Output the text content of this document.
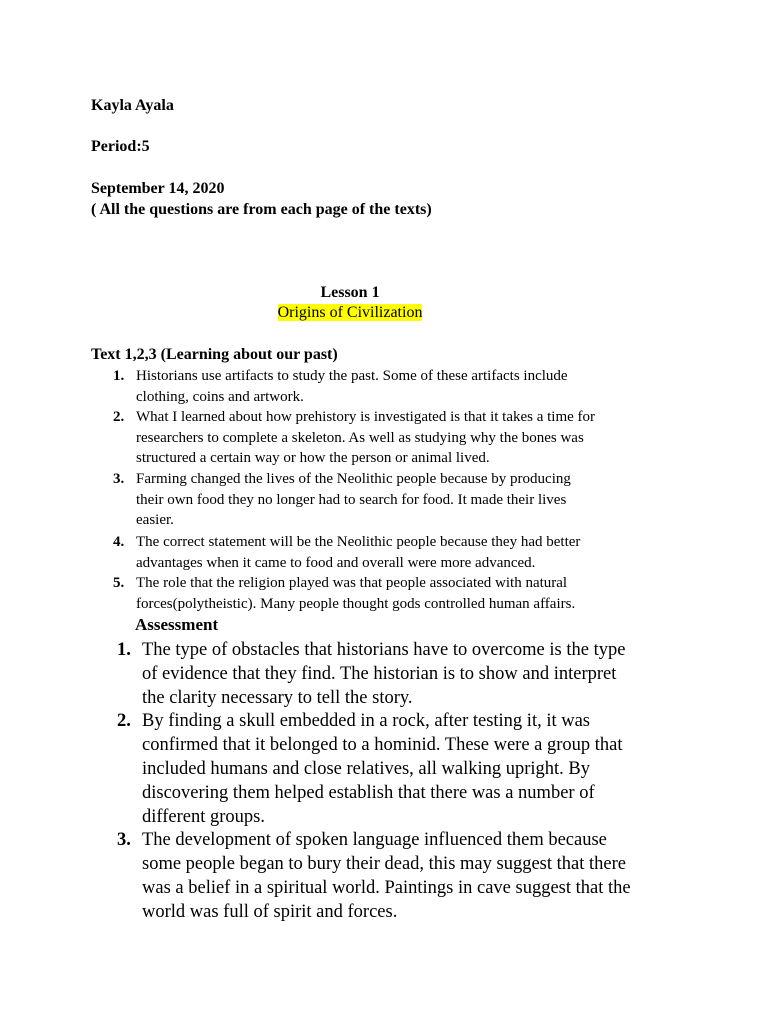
Kayla Ayala
Period:5
September 14, 2020
( All the questions are from each page of the texts)
Lesson 1
Origins of Civilization
Text 1,2,3 (Learning about our past)
1. Historians use artifacts to study the past. Some of these artifacts include
clothing, coins and artwork.
2. What I learned about how prehistory is investigated is that it takes a time for
researchers to complete a skeleton. As well as studying why the bones was
structured a certain way or how the person or animal lived.
3. Farming changed the lives of the Neolithic people because by producing
their own food they no longer had to search for food. It made their lives
easier.
4. The correct statement will be the Neolithic people because they had better
advantages when it came to food and overall were more advanced.
5. The role that the religion played was that people associated with natural
forces(polytheistic). Many people thought gods controlled human affairs.
Assessment
1. The type of obstacles that historians have to overcome is the type
of evidence that they find. The historian is to show and interpret
the clarity necessary to tell the story.
2. By finding a skull embedded in a rock, after testing it, it was
confirmed that it belonged to a hominid. These were a group that
included humans and close relatives, all walking upright. By
discovering them helped establish that there was a number of
different groups.
3. The development of spoken language influenced them because
some people began to bury their dead, this may suggest that there
was a belief in a spiritual world. Paintings in cave suggest that the
world was full of spirit and forces.
